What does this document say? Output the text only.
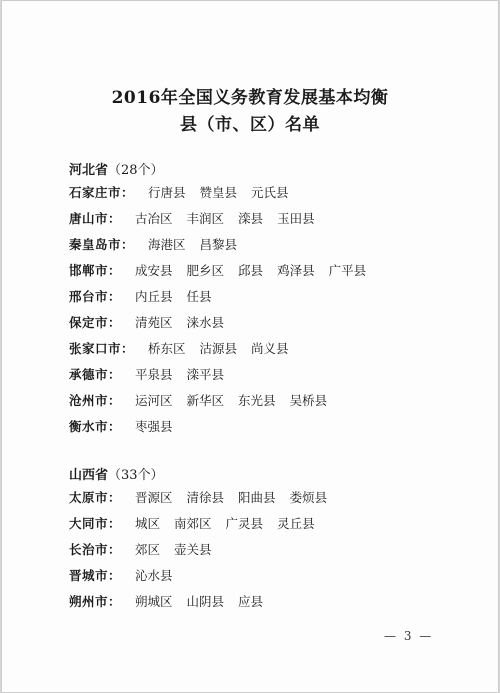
2016年全国义务教育发展基本均衡
县（市、区）名单
河北省（28个）
石家庄市： 行唐县 赞皇县 元氏县
唐山市： 古冶区 丰润区 滦县 玉田县
秦皇岛市： 海港区 昌黎县
邯郸市： 成安县 肥乡区 邱县 鸡泽县 广平县
邢台市： 内丘县 任县
保定市： 清苑区 涞水县
张家口市： 桥东区 沽源县 尚义县
承德市： 平泉县 滦平县
沧州市： 运河区 新华区 东光县 吴桥县
衡水市： 枣强县
山西省（33个）
太原市： 晋源区 清徐县 阳曲县 娄烦县
大同市： 城区 南郊区 广灵县 灵丘县
长治市： 郊区 壶关县
晋城市： 沁水县
朔州市： 朔城区 山阴县 应县
— 3 —
